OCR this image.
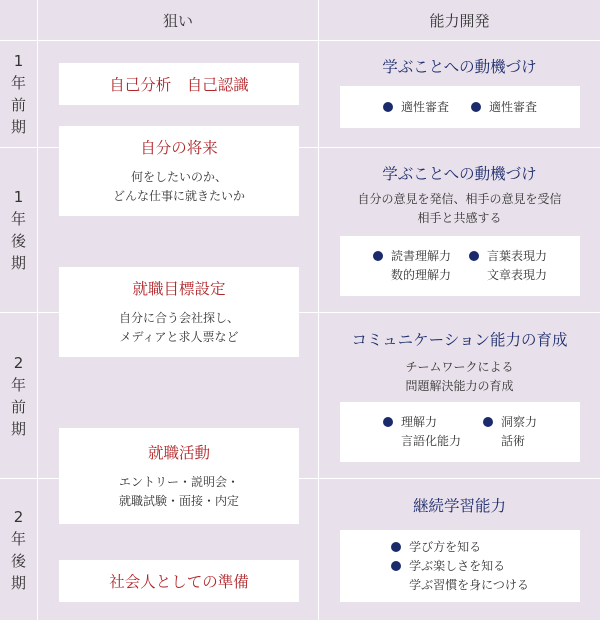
狙い	能力開発
1
年
前
期
1
年
後
期
2
年
前
期
2
年
後
期
自己分析　自己認識
自分の将来
何をしたいのか、
どんな仕事に就きたいか
就職目標設定
自分に合う会社探し、
メディアと求人票など
就職活動
エントリー・説明会・
就職試験・面接・内定
社会人としての準備
学ぶことへの動機づけ
適性審査	適性審査
学ぶことへの動機づけ
自分の意見を発信、相手の意見を受信
相手と共感する
読書理解力
数的理解力
言葉表現力
文章表現力
コミュニケーション能力の育成
チームワークによる
問題解決能力の育成
理解力
言語化能力
洞察力
話術
継続学習能力
学び方を知る
学ぶ楽しさを知る
学ぶ習慣を身につける
